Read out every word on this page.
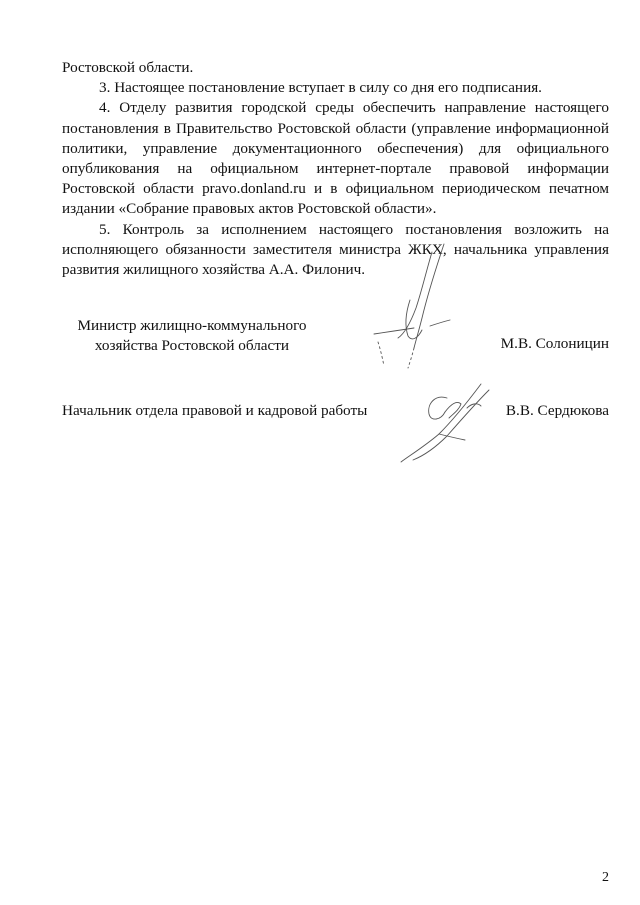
Ростовской области.

3. Настоящее постановление вступает в силу со дня его подписания.

4. Отделу развития городской среды обеспечить направление настоящего постановления в Правительство Ростовской области (управление информационной политики, управление документационного обеспечения) для официального опубликования на официальном интернет-портале правовой информации Ростовской области pravo.donland.ru и в официальном периодическом печатном издании «Собрание правовых актов Ростовской области».

5. Контроль за исполнением настоящего постановления возложить на исполняющего обязанности заместителя министра ЖКХ, начальника управления развития жилищного хозяйства А.А. Филонич.

Министр жилищно-коммунального
хозяйства Ростовской области	М.В. Солоницин
Начальник отдела правовой и кадровой работы	В.В. Сердюкова
2
